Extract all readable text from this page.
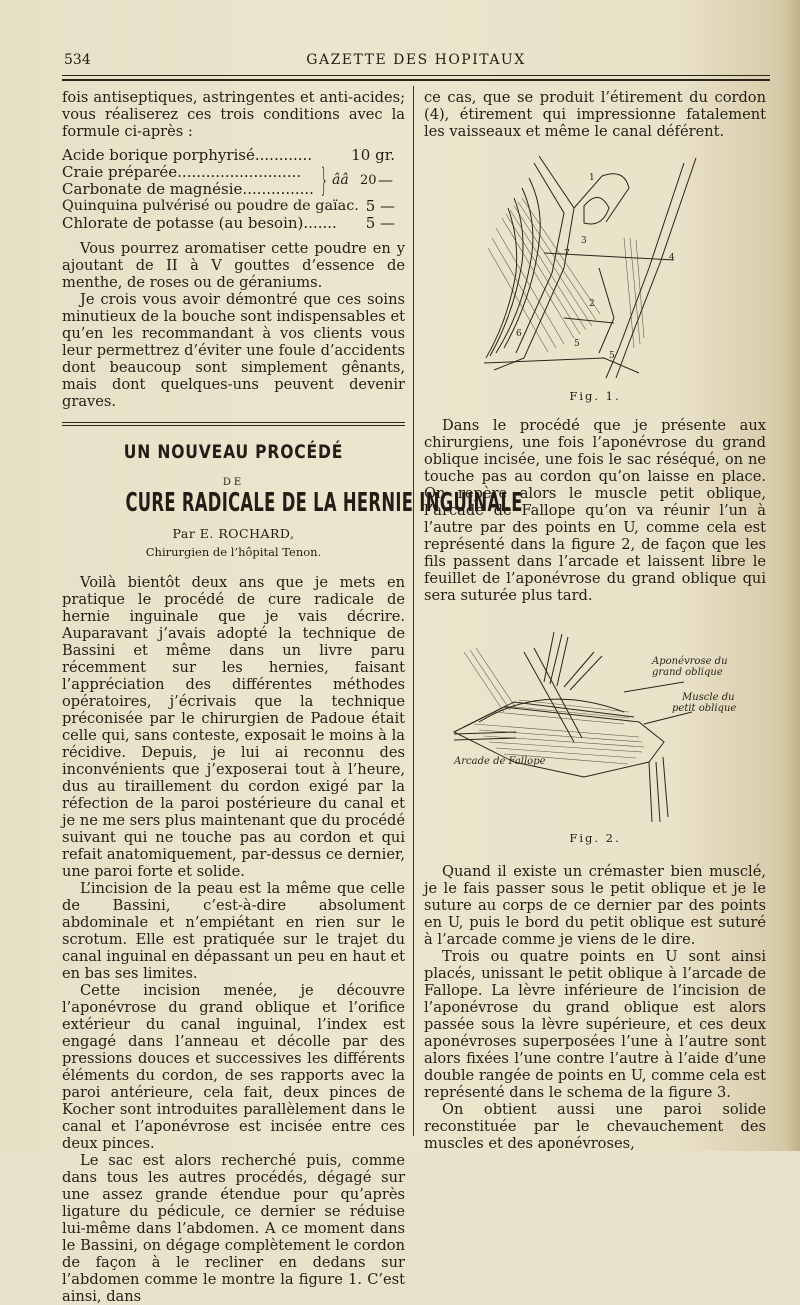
534	GAZETTE DES HOPITAUX

fois antiseptiques, astringentes et anti-acides; vous réaliserez ces trois conditions avec la formule ci-après :

Acide borique porphyrisé............	10 gr.
Craie préparée..........................
Carbonate de magnésie............... } ââ 20 —
Quinquina pulvérisé ou poudre de gaïac. 5 —
Chlorate de potasse (au besoin)....... 5 —

Vous pourrez aromatiser cette poudre en y ajoutant de II à V gouttes d’essence de menthe, de roses ou de géraniums.

Je crois vous avoir démontré que ces soins minutieux de la bouche sont indispensables et qu’en les recommandant à vos clients vous leur permettrez d’éviter une foule d’accidents dont beaucoup sont simplement gênants, mais dont quelques-uns peuvent devenir graves.

UN NOUVEAU PROCÉDÉ
DE
CURE RADICALE DE LA HERNIE INGUINALE
Par E. ROCHARD,
Chirurgien de l’hôpital Tenon.

Voilà bientôt deux ans que je mets en pratique le procédé de cure radicale de hernie inguinale que je vais décrire. Auparavant j’avais adopté la technique de Bassini et même dans un livre paru récemment sur les hernies, faisant l’appréciation des différentes méthodes opératoires, j’écrivais que la technique préconisée par le chirurgien de Padoue était celle qui, sans conteste, exposait le moins à la récidive. Depuis, je lui ai reconnu des inconvénients que j’exposerai tout à l’heure, dus au tiraillement du cordon exigé par la réfection de la paroi postérieure du canal et je ne me sers plus maintenant que du procédé suivant qui ne touche pas au cordon et qui refait anatomiquement, par-dessus ce dernier, une paroi forte et solide.

L’incision de la peau est la même que celle de Bassini, c’est-à-dire absolument abdominale et n’empiétant en rien sur le scrotum. Elle est pratiquée sur le trajet du canal inguinal en dépassant un peu en haut et en bas ses limites.

Cette incision menée, je découvre l’aponévrose du grand oblique et l’orifice extérieur du canal inguinal, l’index est engagé dans l’anneau et décolle par des pressions douces et successives les différents éléments du cordon, de ses rapports avec la paroi antérieure, cela fait, deux pinces de Kocher sont introduites parallèlement dans le canal et l’aponévrose est incisée entre ces deux pinces.

Le sac est alors recherché puis, comme dans tous les autres procédés, dégagé sur une assez grande étendue pour qu’après ligature du pédicule, ce dernier se réduise lui-même dans l’abdomen. A ce moment dans le Bassini, on dégage complètement le cordon de façon à le recliner en dedans sur l’abdomen comme le montre la figure 1. C’est ainsi, dans

ce cas, que se produit l’étirement du cordon (4), étirement qui impressionne fatalement les vaisseaux et même le canal déférent.

1
3
7	4
2
6
5
5
Fig. 1.

Dans le procédé que je présente aux chirurgiens, une fois l’aponévrose du grand oblique incisée, une fois le sac réséqué, on ne touche pas au cordon qu’on laisse en place. On repère alors le muscle petit oblique, l’arcade de Fallope qu’on va réunir l’un à l’autre par des points en U, comme cela est représenté dans la figure 2, de façon que les fils passent dans l’arcade et laissent libre le feuillet de l’aponévrose du grand oblique qui sera suturée plus tard.

Aponévrose du
grand oblique
Muscle du
petit oblique
Arcade de Fallope
Fig. 2.

Quand il existe un crémaster bien musclé, je le fais passer sous le petit oblique et je le suture au corps de ce dernier par des points en U, puis le bord du petit oblique est suturé à l’arcade comme je viens de le dire.

Trois ou quatre points en U sont ainsi placés, unissant le petit oblique à l’arcade de Fallope. La lèvre inférieure de l’incision de l’aponévrose du grand oblique est alors passée sous la lèvre supérieure, et ces deux aponévroses superposées l’une à l’autre sont alors fixées l’une contre l’autre à l’aide d’une double rangée de points en U, comme cela est représenté dans le schema de la figure 3.

On obtient aussi une paroi solide reconstituée par le chevauchement des muscles et des aponévroses,
